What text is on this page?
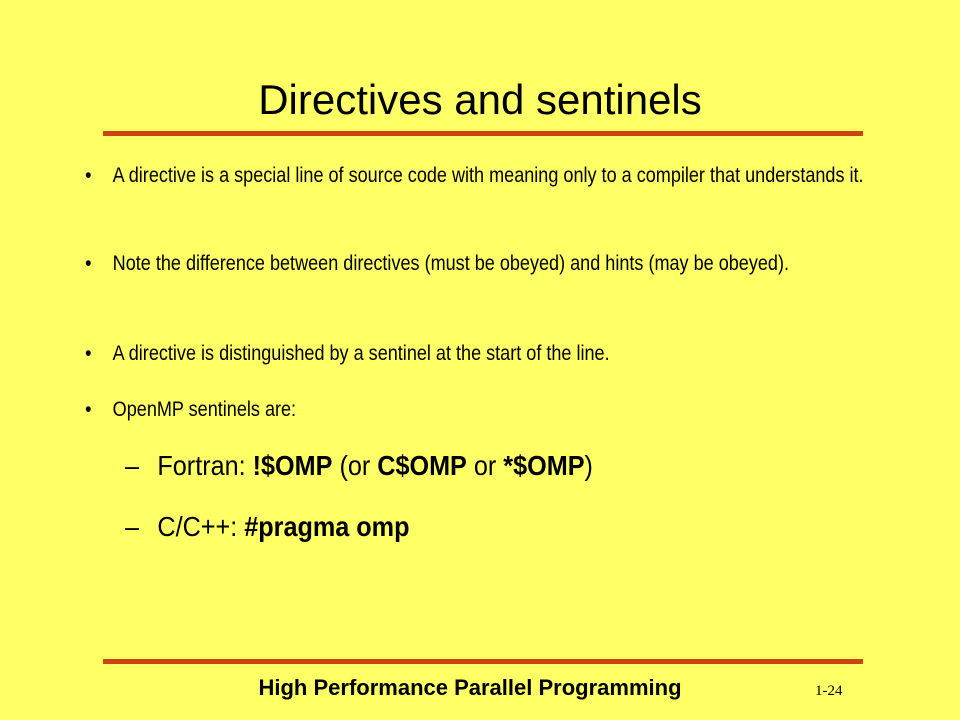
Directives and sentinels
• A directive is a special line of source code with meaning only to a compiler that understands it.
• Note the difference between directives (must be obeyed) and hints (may be obeyed).
• A directive is distinguished by a sentinel at the start of the line.
• OpenMP sentinels are:
– Fortran: !$OMP (or C$OMP or *$OMP)
– C/C++: #pragma omp
High Performance Parallel Programming	1-24
